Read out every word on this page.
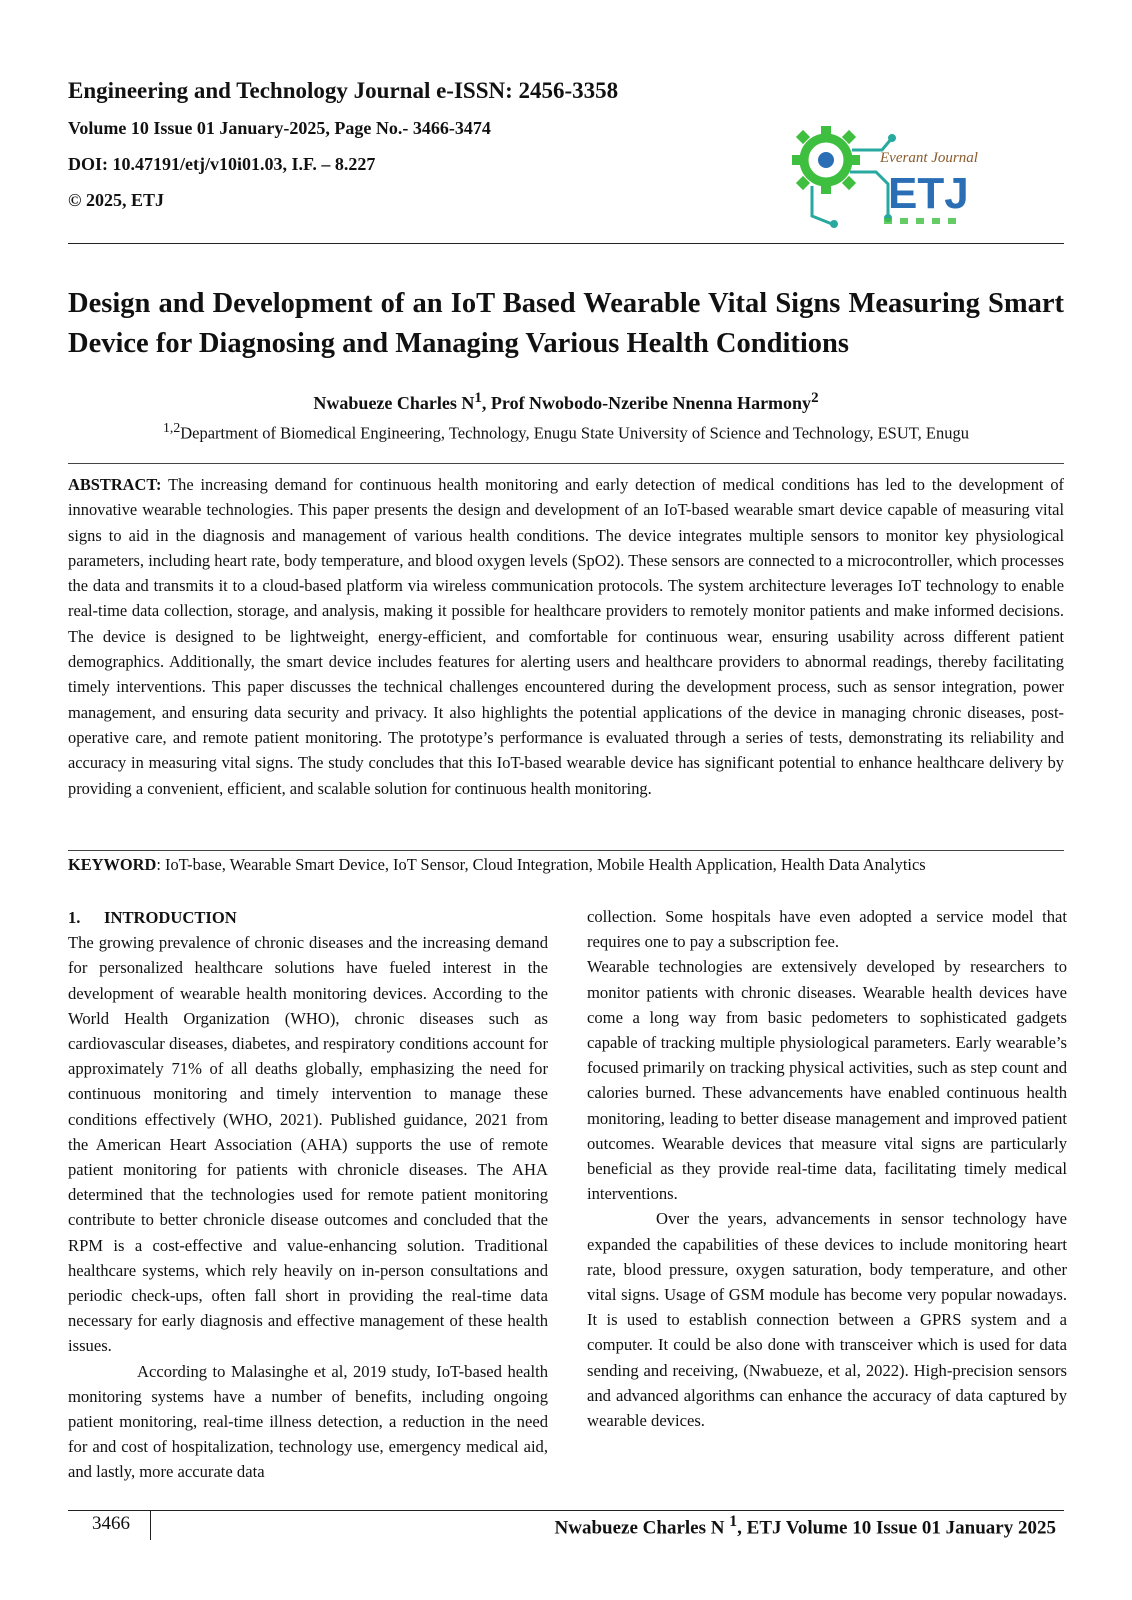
Engineering and Technology Journal e-ISSN: 2456-3358
Volume 10 Issue 01 January-2025, Page No.- 3466-3474
DOI: 10.47191/etj/v10i01.03, I.F. – 8.227
© 2025, ETJ
Everant Journal
ETJ
Design and Development of an IoT Based Wearable Vital Signs Measuring Smart Device for Diagnosing and Managing Various Health Conditions
Nwabueze Charles $N^1$, Prof Nwobodo-Nzeribe Nnenna Harmony$^2$
$^{1,2}$Department of Biomedical Engineering, Technology, Enugu State University of Science and Technology, ESUT, Enugu

ABSTRACT: The increasing demand for continuous health monitoring and early detection of medical conditions has led to the development of innovative wearable technologies. This paper presents the design and development of an IoT-based wearable smart device capable of measuring vital signs to aid in the diagnosis and management of various health conditions. The device integrates multiple sensors to monitor key physiological parameters, including heart rate, body temperature, and blood oxygen levels (SpO2). These sensors are connected to a microcontroller, which processes the data and transmits it to a cloud-based platform via wireless communication protocols. The system architecture leverages IoT technology to enable real-time data collection, storage, and analysis, making it possible for healthcare providers to remotely monitor patients and make informed decisions. The device is designed to be lightweight, energy-efficient, and comfortable for continuous wear, ensuring usability across different patient demographics. Additionally, the smart device includes features for alerting users and healthcare providers to abnormal readings, thereby facilitating timely interventions. This paper discusses the technical challenges encountered during the development process, such as sensor integration, power management, and ensuring data security and privacy. It also highlights the potential applications of the device in managing chronic diseases, post-operative care, and remote patient monitoring. The prototype’s performance is evaluated through a series of tests, demonstrating its reliability and accuracy in measuring vital signs. The study concludes that this IoT-based wearable device has significant potential to enhance healthcare delivery by providing a convenient, efficient, and scalable solution for continuous health monitoring.

KEYWORD: IoT-base, Wearable Smart Device, IoT Sensor, Cloud Integration, Mobile Health Application, Health Data Analytics

1. INTRODUCTION

The growing prevalence of chronic diseases and the increasing demand for personalized healthcare solutions have fueled interest in the development of wearable health monitoring devices. According to the World Health Organization (WHO), chronic diseases such as cardiovascular diseases, diabetes, and respiratory conditions account for approximately 71% of all deaths globally, emphasizing the need for continuous monitoring and timely intervention to manage these conditions effectively (WHO, 2021). Published guidance, 2021 from the American Heart Association (AHA) supports the use of remote patient monitoring for patients with chronicle diseases. The AHA determined that the technologies used for remote patient monitoring contribute to better chronicle disease outcomes and concluded that the RPM is a cost-effective and value-enhancing solution. Traditional healthcare systems, which rely heavily on in-person consultations and periodic check-ups, often fall short in providing the real-time data necessary for early diagnosis and effective management of these health issues.

According to Malasinghe et al, 2019 study, IoT-based health monitoring systems have a number of benefits, including ongoing patient monitoring, real-time illness detection, a reduction in the need for and cost of hospitalization, technology use, emergency medical aid, and lastly, more accurate data

collection. Some hospitals have even adopted a service model that requires one to pay a subscription fee.

Wearable technologies are extensively developed by researchers to monitor patients with chronic diseases. Wearable health devices have come a long way from basic pedometers to sophisticated gadgets capable of tracking multiple physiological parameters. Early wearable’s focused primarily on tracking physical activities, such as step count and calories burned. These advancements have enabled continuous health monitoring, leading to better disease management and improved patient outcomes. Wearable devices that measure vital signs are particularly beneficial as they provide real-time data, facilitating timely medical interventions.

Over the years, advancements in sensor technology have expanded the capabilities of these devices to include monitoring heart rate, blood pressure, oxygen saturation, body temperature, and other vital signs. Usage of GSM module has become very popular nowadays. It is used to establish connection between a GPRS system and a computer. It could be also done with transceiver which is used for data sending and receiving, (Nwabueze, et al, 2022). High-precision sensors and advanced algorithms can enhance the accuracy of data captured by wearable devices.

3466	Nwabueze Charles N $^1$, ETJ Volume 10 Issue 01 January 2025
